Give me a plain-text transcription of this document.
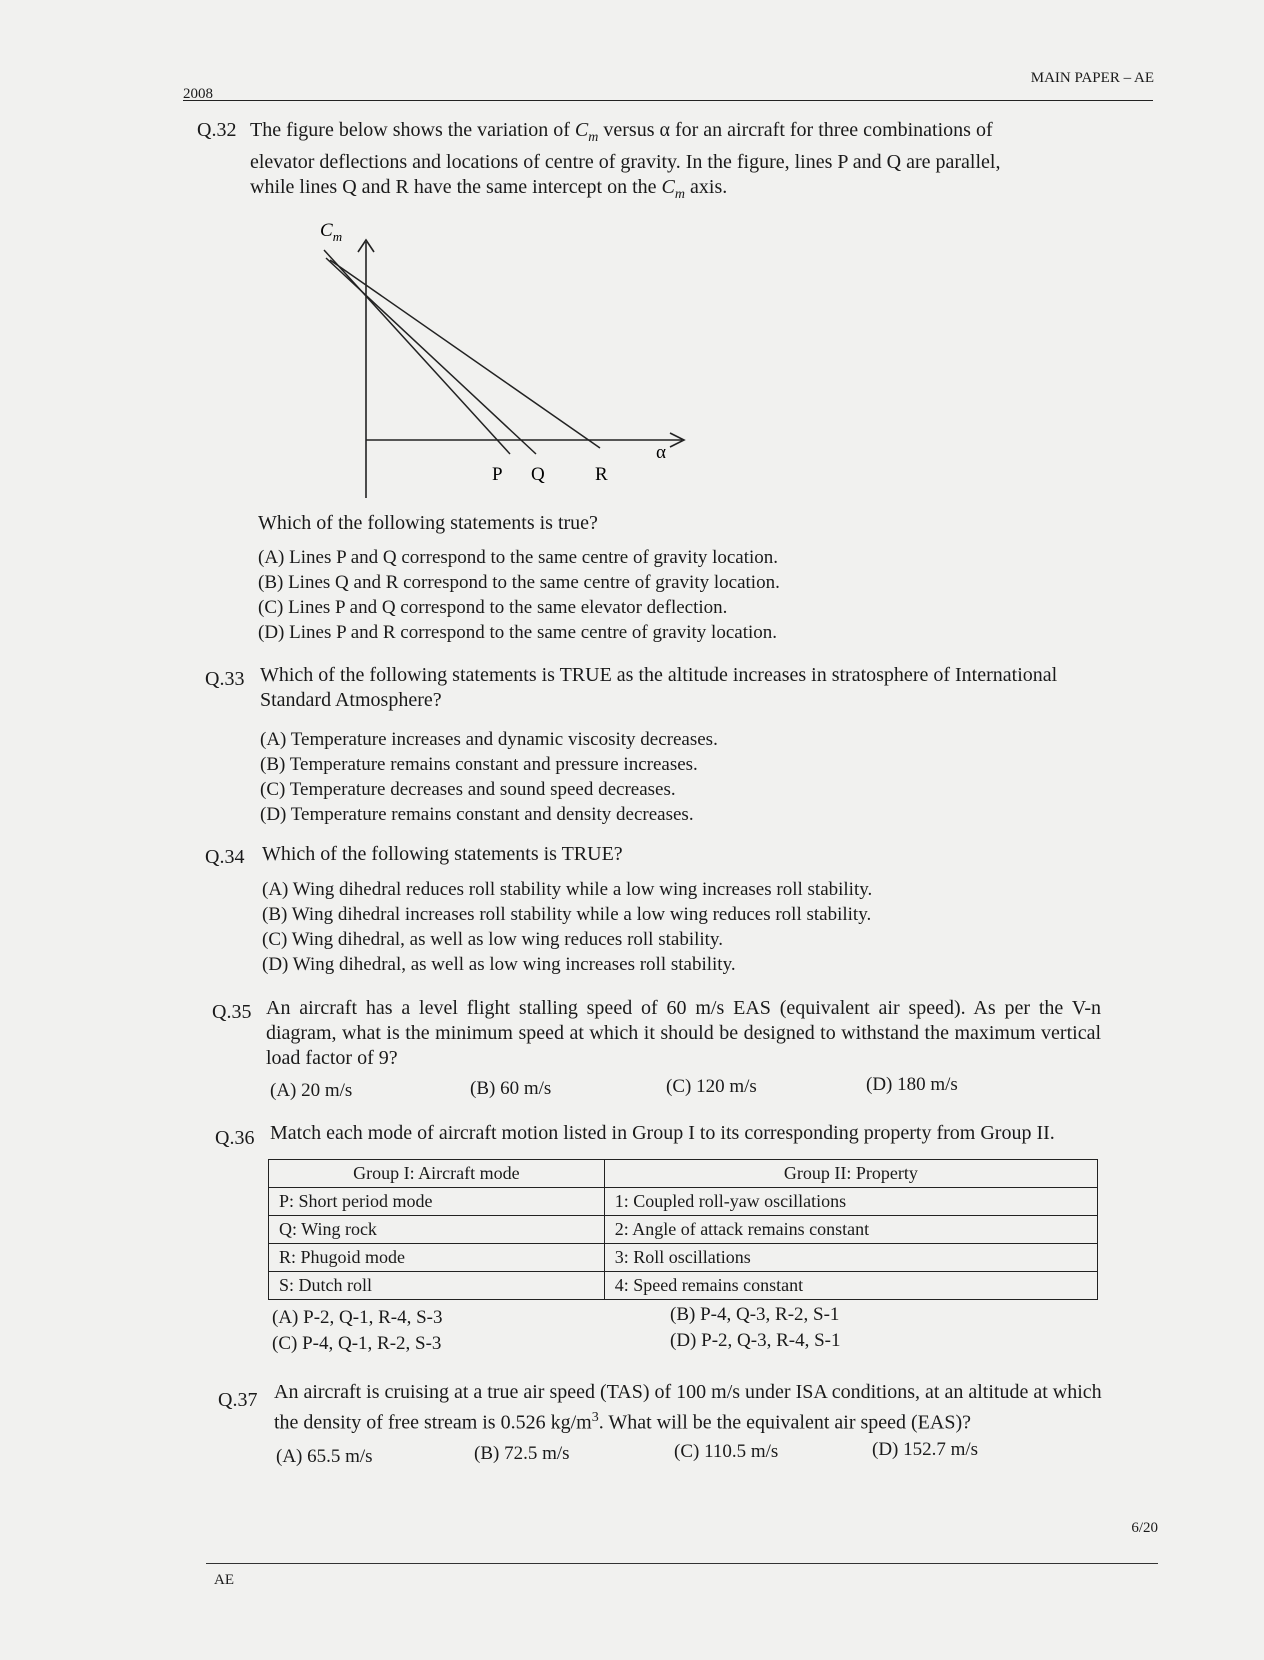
2008
MAIN PAPER – AE
Q.32 The figure below shows the variation of $C_m$ versus α for an aircraft for three combinations of elevator deflections and locations of centre of gravity. In the figure, lines P and Q are parallel, while lines Q and R have the same intercept on the $C_m$ axis.
$C_m$
α
P Q	R
Which of the following statements is true?
(A) Lines P and Q correspond to the same centre of gravity location.
(B) Lines Q and R correspond to the same centre of gravity location.
(C) Lines P and Q correspond to the same elevator deflection.
(D) Lines P and R correspond to the same centre of gravity location.
Q.33 Which of the following statements is TRUE as the altitude increases in stratosphere of International Standard Atmosphere?
(A) Temperature increases and dynamic viscosity decreases.
(B) Temperature remains constant and pressure increases.
(C) Temperature decreases and sound speed decreases.
(D) Temperature remains constant and density decreases.
Q.34 Which of the following statements is TRUE?
(A) Wing dihedral reduces roll stability while a low wing increases roll stability.
(B) Wing dihedral increases roll stability while a low wing reduces roll stability.
(C) Wing dihedral, as well as low wing reduces roll stability.
(D) Wing dihedral, as well as low wing increases roll stability.
Q.35 An aircraft has a level flight stalling speed of 60 m/s EAS (equivalent air speed). As per the V-n diagram, what is the minimum speed at which it should be designed to withstand the maximum vertical load factor of 9?
(A) 20 m/s	(B) 60 m/s	(C) 120 m/s	(D) 180 m/s
Q.36 Match each mode of aircraft motion listed in Group I to its corresponding property from Group II.
Group I: Aircraft mode	Group II: Property
P: Short period mode	1: Coupled roll-yaw oscillations
Q: Wing rock	2: Angle of attack remains constant
R: Phugoid mode	3: Roll oscillations
S: Dutch roll	4: Speed remains constant
(A) P-2, Q-1, R-4, S-3	(B) P-4, Q-3, R-2, S-1
(C) P-4, Q-1, R-2, S-3	(D) P-2, Q-3, R-4, S-1
Q.37 An aircraft is cruising at a true air speed (TAS) of 100 m/s under ISA conditions, at an altitude at which the density of free stream is 0.526 $kg/m^3$. What will be the equivalent air speed (EAS)?
(A) 65.5 m/s	(B) 72.5 m/s	(C) 110.5 m/s	(D) 152.7 m/s
6/20
AE
